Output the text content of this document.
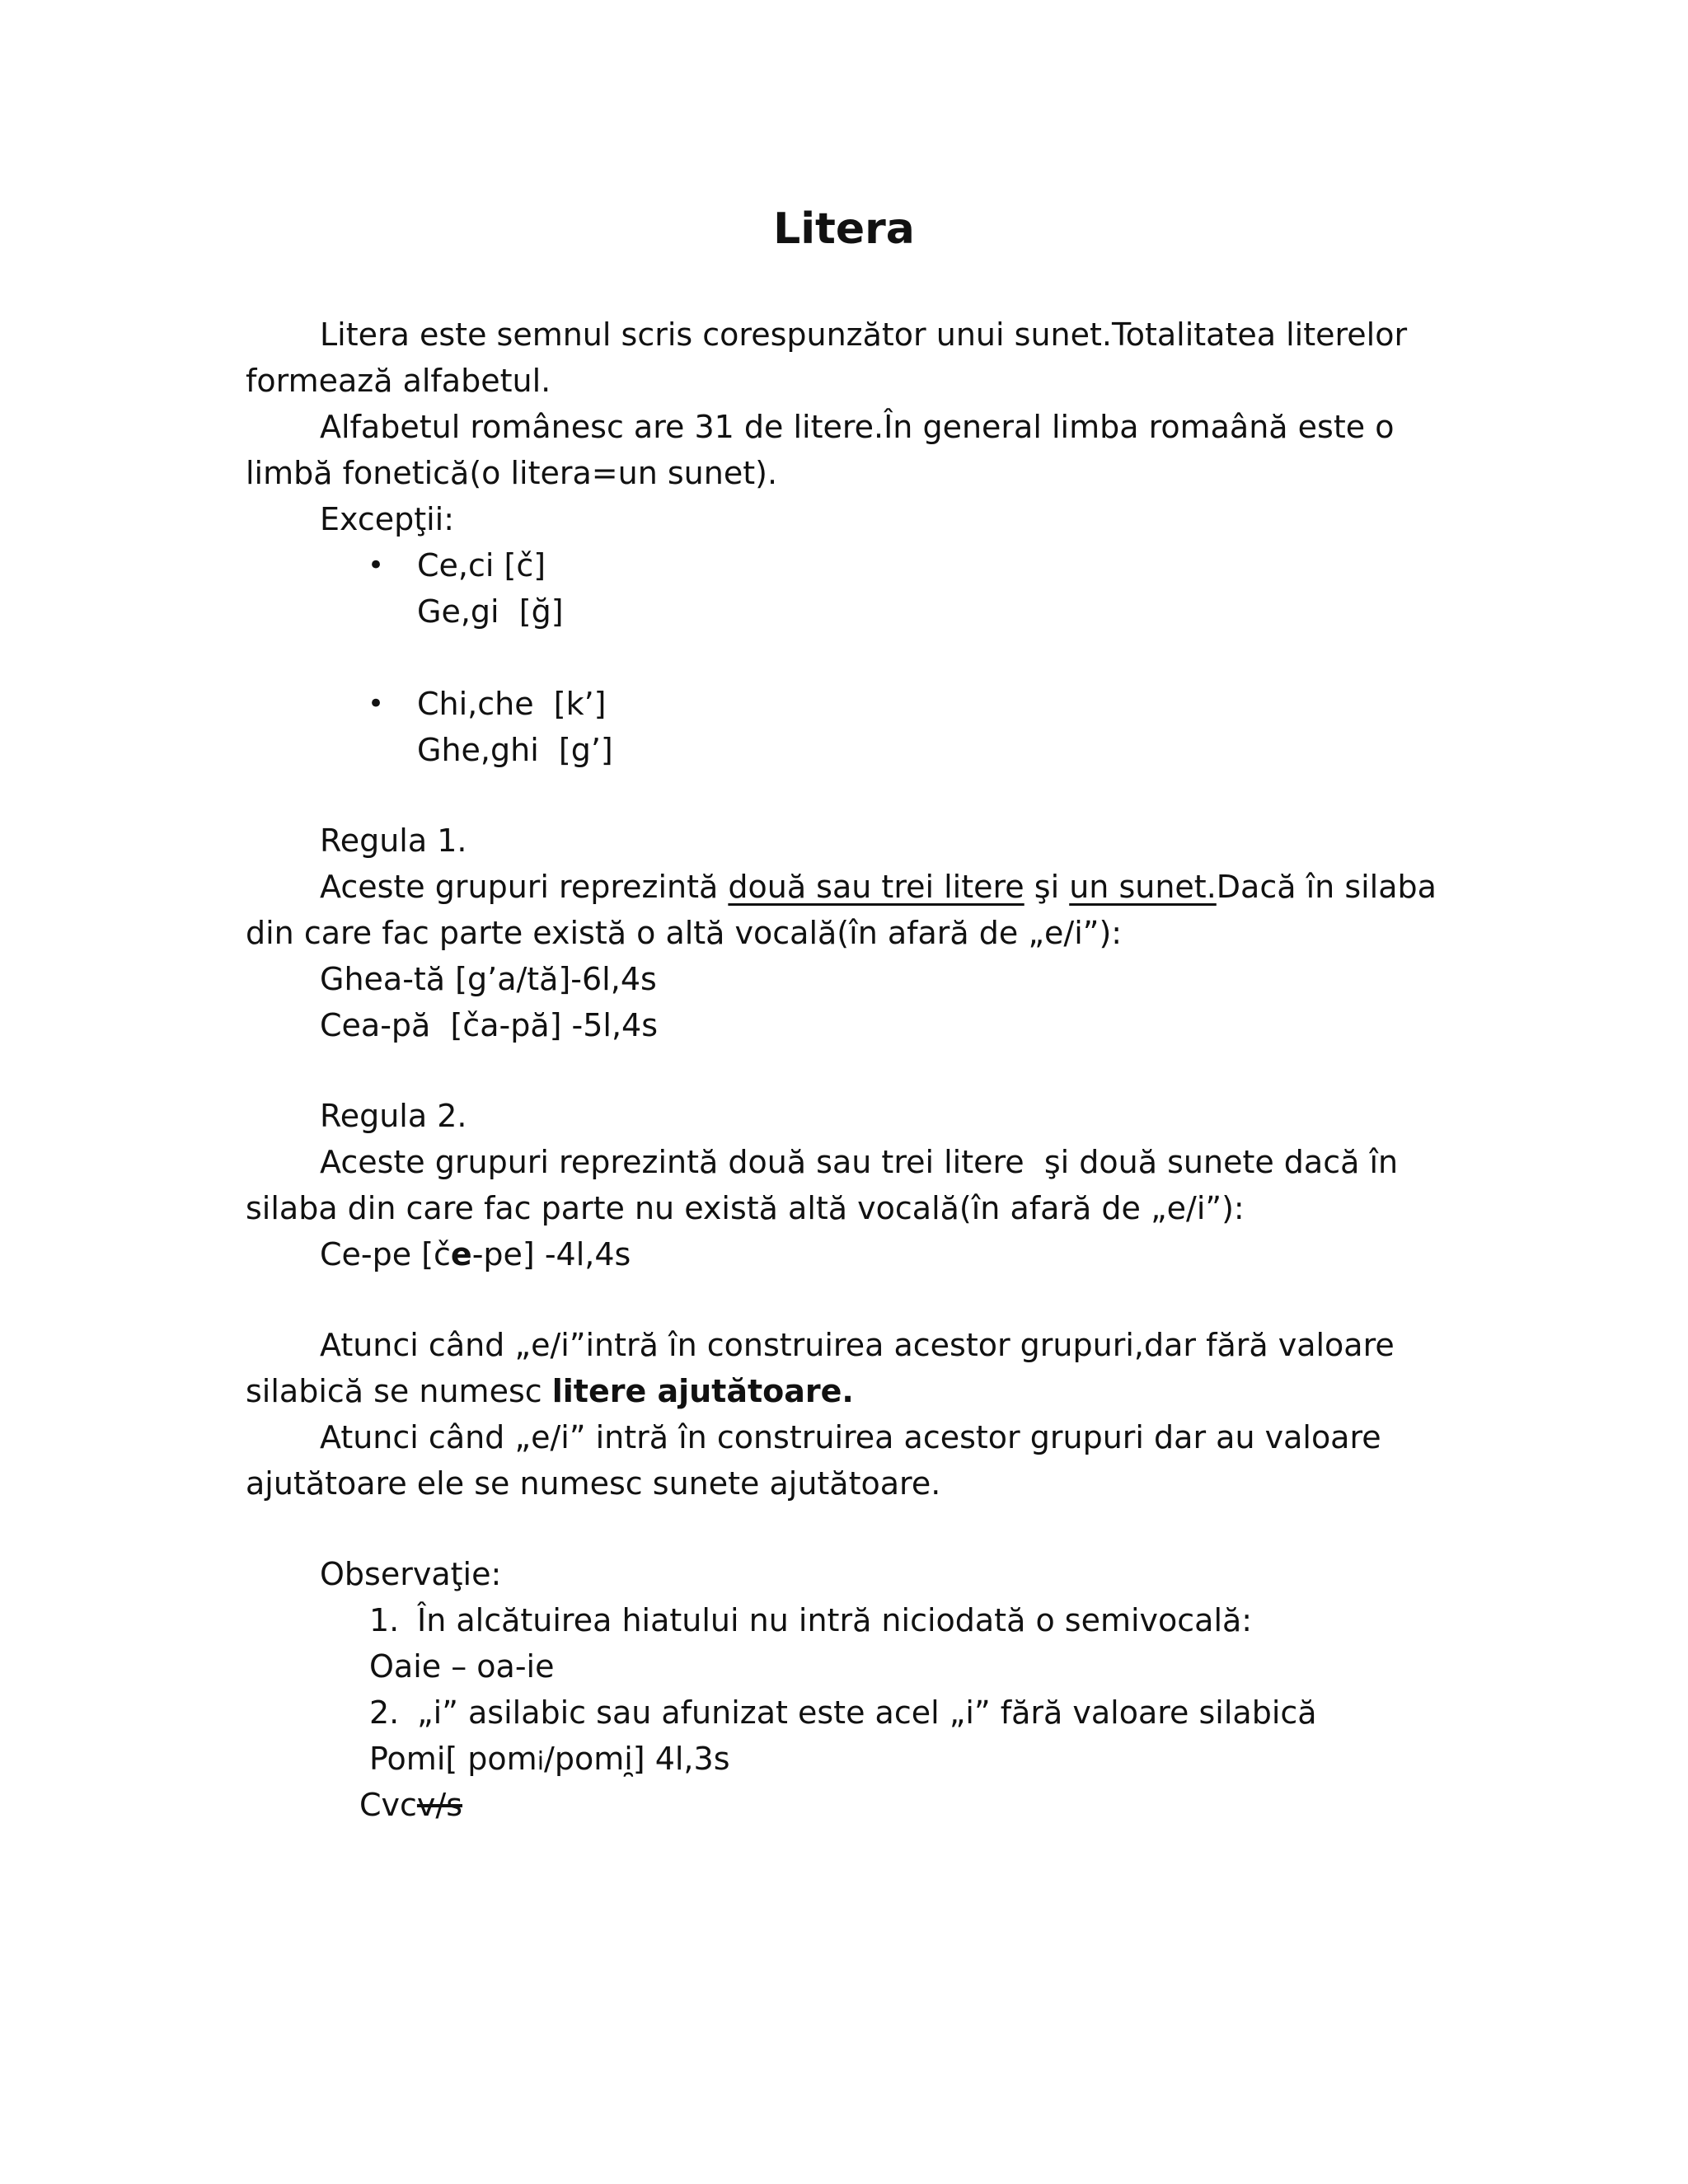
Litera
Litera este semnul scris corespunzător unui sunet.Totalitatea literelor
formează alfabetul.
Alfabetul românesc are 31 de litere.În general limba romaână este o
limbă fonetică(o litera=un sunet).
Excepţii:
• Ce,ci [č]
Ge,gi  [ğ]
• Chi,che  [k’]
Ghe,ghi  [g’]
Regula 1.
Aceste grupuri reprezintă două sau trei litere şi un sunet.Dacă în silaba
din care fac parte există o altă vocală(în afară de „e/i”):
Ghea-tă [g’a/tă]-6l,4s
Cea-pă  [ča-pă] -5l,4s
Regula 2.
Aceste grupuri reprezintă două sau trei litere  şi două sunete dacă în
silaba din care fac parte nu există altă vocală(în afară de „e/i”):
Ce-pe [če-pe] -4l,4s
Atunci când „e/i”intră în construirea acestor grupuri,dar fără valoare
silabică se numesc litere ajutătoare.
Atunci când „e/i” intră în construirea acestor grupuri dar au valoare
ajutătoare ele se numesc sunete ajutătoare.
Observaţie:
1. În alcătuirea hiatului nu intră niciodată o semivocală:
Oaie – oa-ie
2. „i” asilabic sau afunizat este acel „i” fără valoare silabică
Pomi[ pomi/pomi̯] 4l,3s
Cvcv/s
